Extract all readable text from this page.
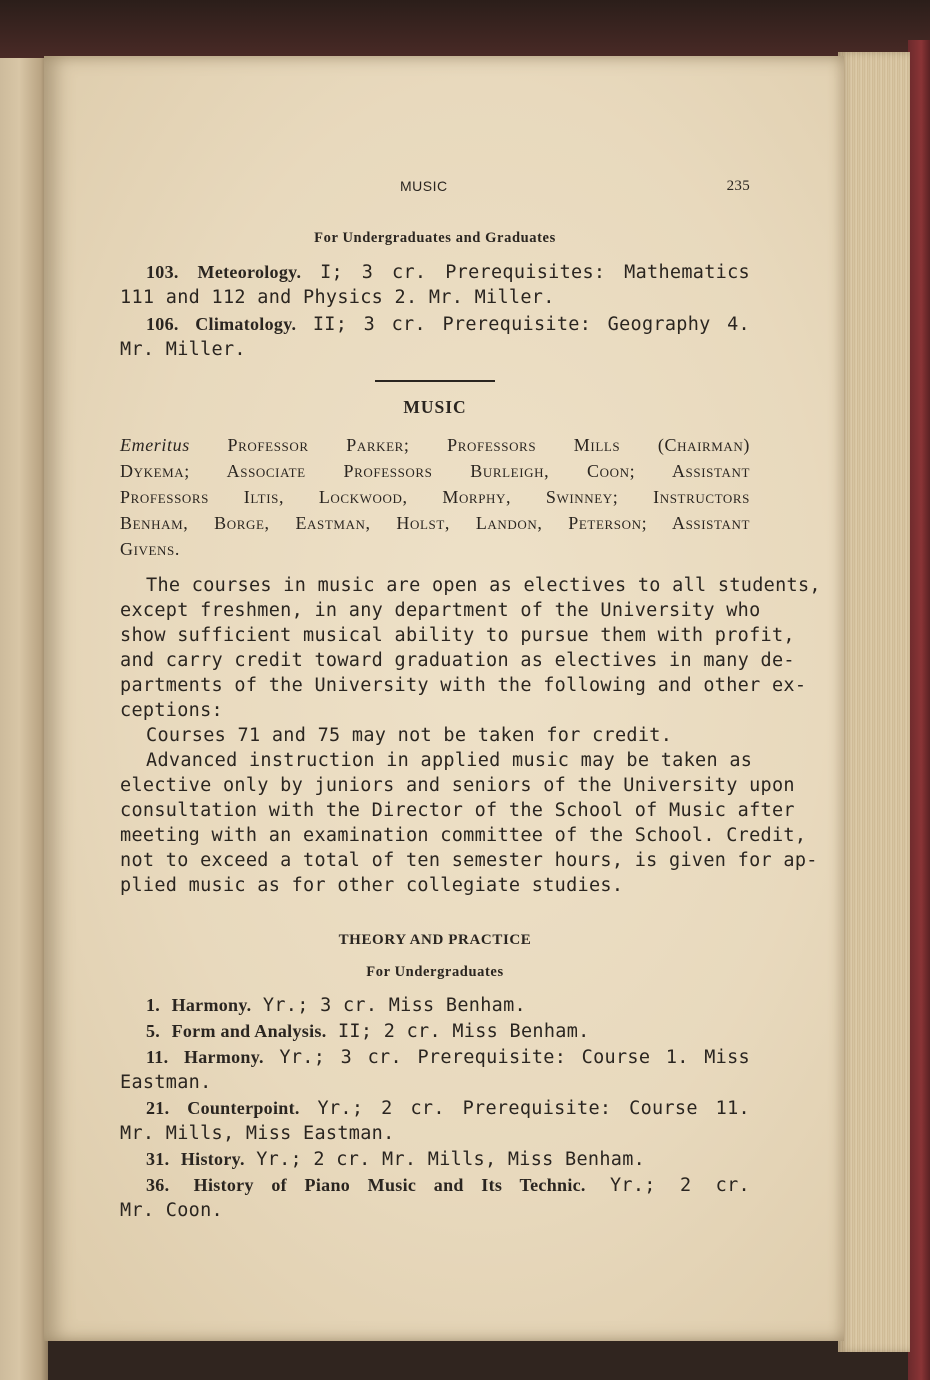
MUSIC	235
For Undergraduates and Graduates
103. Meteorology. I; 3 cr. Prerequisites: Mathematics
111 and 112 and Physics 2. Mr. Miller.
106. Climatology. II; 3 cr. Prerequisite: Geography 4.
Mr. Miller.
MUSIC
Emeritus Professor Parker; Professors Mills (Chairman)
Dykema; Associate Professors Burleigh, Coon; Assistant
Professors Iltis, Lockwood, Morphy, Swinney; Instructors
Benham, Borge, Eastman, Holst, Landon, Peterson; Assistant
Givens.
The courses in music are open as electives to all students,
except freshmen, in any department of the University who
show sufficient musical ability to pursue them with profit,
and carry credit toward graduation as electives in many de-
partments of the University with the following and other ex-
ceptions:
Courses 71 and 75 may not be taken for credit.
Advanced instruction in applied music may be taken as
elective only by juniors and seniors of the University upon
consultation with the Director of the School of Music after
meeting with an examination committee of the School. Credit,
not to exceed a total of ten semester hours, is given for ap-
plied music as for other collegiate studies.
THEORY AND PRACTICE
For Undergraduates
1. Harmony. Yr.; 3 cr. Miss Benham.
5. Form and Analysis. II; 2 cr. Miss Benham.
11. Harmony. Yr.; 3 cr. Prerequisite: Course 1. Miss
Eastman.
21. Counterpoint. Yr.; 2 cr. Prerequisite: Course 11.
Mr. Mills, Miss Eastman.
31. History. Yr.; 2 cr. Mr. Mills, Miss Benham.
36. History of Piano Music and Its Technic. Yr.; 2 cr.
Mr. Coon.
